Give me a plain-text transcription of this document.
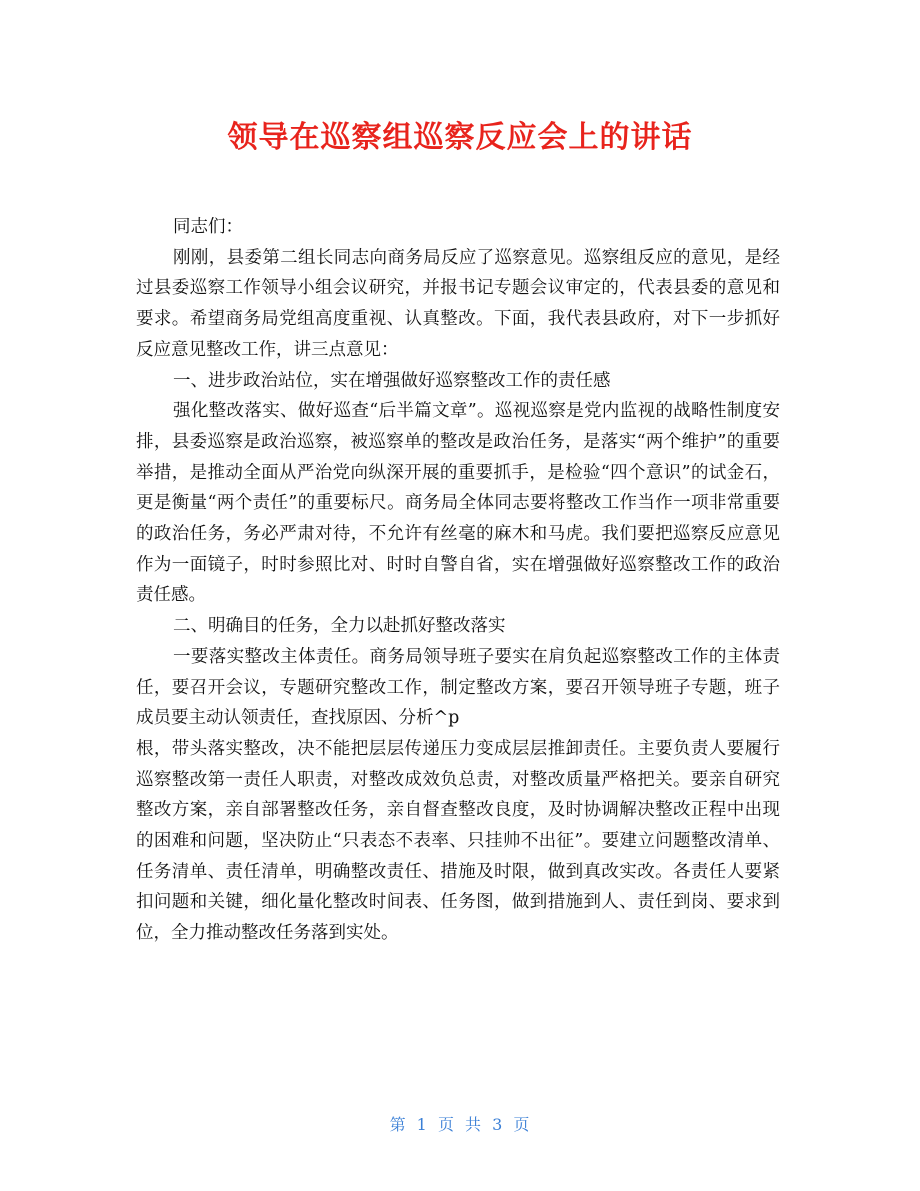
领导在巡察组巡察反应会上的讲话

同志们：

刚刚，县委第二组长同志向商务局反应了巡察意见。巡察组反应的意见，是经过县委巡察工作领导小组会议研究，并报书记专题会议审定的，代表县委的意见和要求。希望商务局党组高度重视、认真整改。下面，我代表县政府，对下一步抓好反应意见整改工作，讲三点意见：

一、进步政治站位，实在增强做好巡察整改工作的责任感

强化整改落实、做好巡查“后半篇文章”。巡视巡察是党内监视的战略性制度安排，县委巡察是政治巡察，被巡察单的整改是政治任务，是落实“两个维护”的重要举措，是推动全面从严治党向纵深开展的重要抓手，是检验“四个意识”的试金石，更是衡量“两个责任”的重要标尺。商务局全体同志要将整改工作当作一项非常重要的政治任务，务必严肃对待，不允许有丝毫的麻木和马虎。我们要把巡察反应意见作为一面镜子，时时参照比对、时时自警自省，实在增强做好巡察整改工作的政治责任感。

二、明确目的任务，全力以赴抓好整改落实

一要落实整改主体责任。商务局领导班子要实在肩负起巡察整改工作的主体责任，要召开会议，专题研究整改工作，制定整改方案，要召开领导班子专题，班子成员要主动认领责任，查找原因、分析^p

根，带头落实整改，决不能把层层传递压力变成层层推卸责任。主要负责人要履行巡察整改第一责任人职责，对整改成效负总责，对整改质量严格把关。要亲自研究整改方案，亲自部署整改任务，亲自督查整改良度，及时协调解决整改正程中出现的困难和问题，坚决防止“只表态不表率、只挂帅不出征”。要建立问题整改清单、任务清单、责任清单，明确整改责任、措施及时限，做到真改实改。各责任人要紧扣问题和关键，细化量化整改时间表、任务图，做到措施到人、责任到岗、要求到位，全力推动整改任务落到实处。

第 1 页 共 3 页
